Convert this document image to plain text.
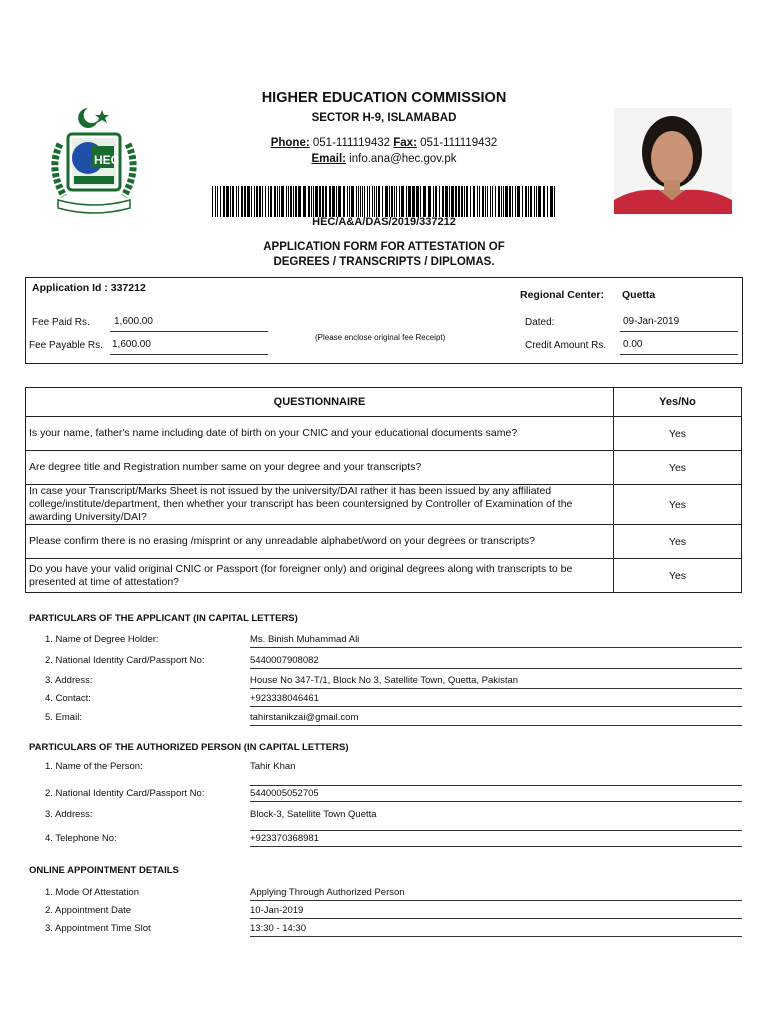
HEC
HIGHER EDUCATION COMMISSION
SECTOR H-9, ISLAMABAD
Phone: 051-111119432 Fax: 051-111119432
Email: info.ana@hec.gov.pk
HEC/A&A/DAS/2019/337212
APPLICATION FORM FOR ATTESTATION OF
DEGREES / TRANSCRIPTS / DIPLOMAS.
Application Id : 337212
Regional Center: Quetta
Fee Paid Rs.	1,600.00
Fee Payable Rs. 1,600.00
(Please enclose original fee Receipt)
Dated:	09-Jan-2019
Credit Amount Rs.	0.00
QUESTIONNAIRE	Yes/No
Is your name, father's name including date of birth on your CNIC and your educational documents same?	Yes
Are degree title and Registration number same on your degree and your transcripts?	Yes
In case your Transcript/Marks Sheet is not issued by the university/DAI rather it has been issued by any affiliated college/institute/department, then whether your transcript has been countersigned by Controller of Examination of the awarding University/DAI?	Yes
Please confirm there is no erasing /misprint or any unreadable alphabet/word on your degrees or transcripts?	Yes
Do you have your valid original CNIC or Passport (for foreigner only) and original degrees along with transcripts to be presented at time of attestation?	Yes
PARTICULARS OF THE APPLICANT (IN CAPITAL LETTERS)
1. Name of Degree Holder:	Ms. Binish Muhammad Ali
2. National Identity Card/Passport No:	5440007908082
3. Address:	House No 347-T/1, Block No 3, Satellite Town, Quetta, Pakistan
4. Contact:	+923338046461
5. Email:	tahirstanikzai@gmail.com
PARTICULARS OF THE AUTHORIZED PERSON (IN CAPITAL LETTERS)
1. Name of the Person:	Tahir Khan
2. National Identity Card/Passport No:	5440005052705
3. Address:	Block-3, Satellite Town Quetta
4. Telephone No:	+923370368981
ONLINE APPOINTMENT DETAILS
1. Mode Of Attestation	Applying Through Authorized Person
2. Appointment Date	10-Jan-2019
3. Appointment Time Slot	13:30 - 14:30
